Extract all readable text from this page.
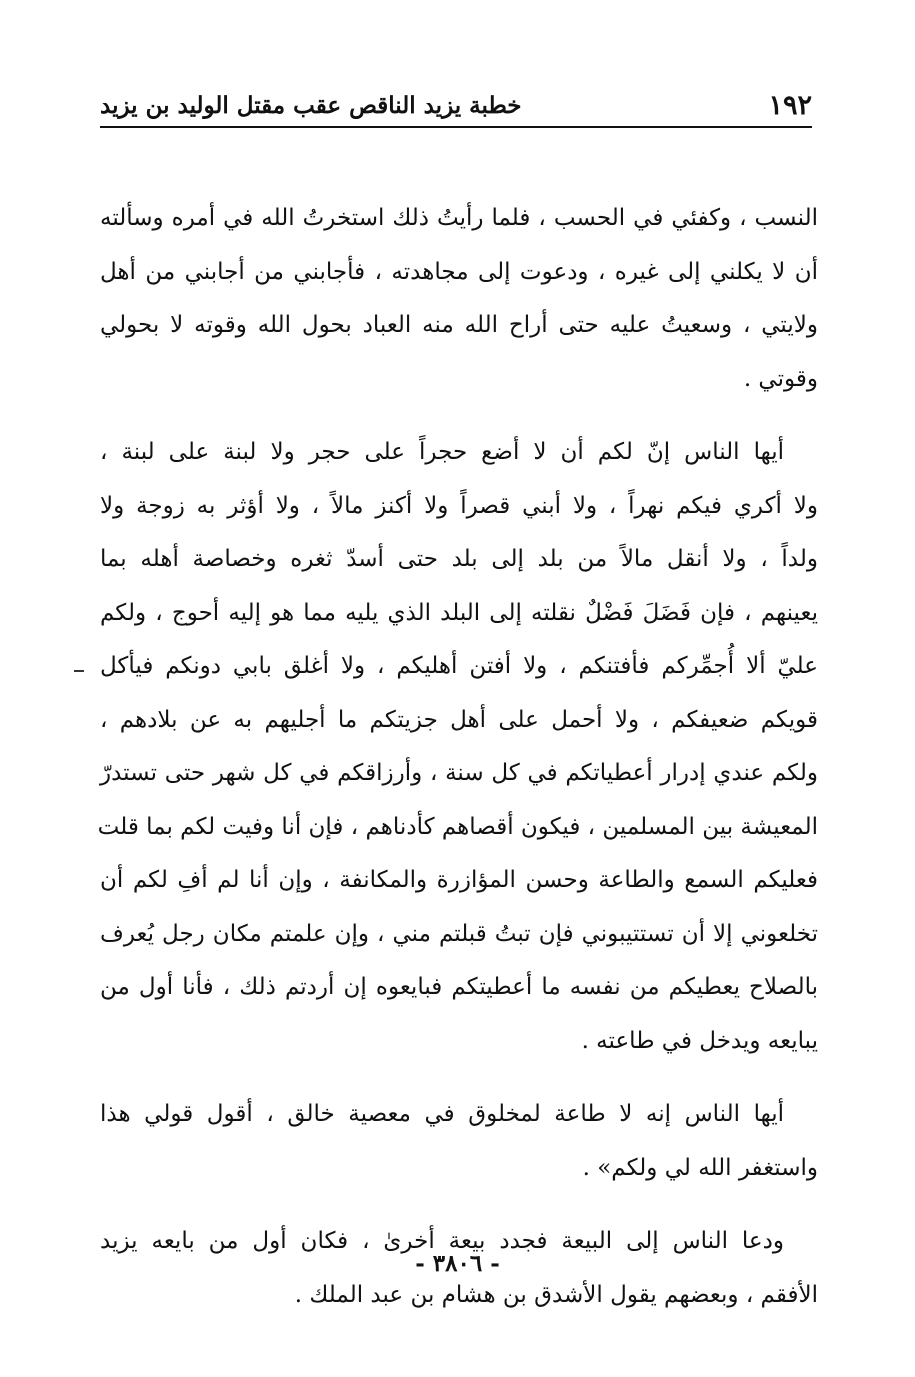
١٩٢
خطبة يزيد الناقص عقب مقتل الوليد بن يزيد
النسب ، وكفئي في الحسب ، فلما رأيتُ ذلك استخرتُ الله في أمره وسألته
أن لا يكلني إلى غيره ، ودعوت إلى مجاهدته ، فأجابني من أجابني من أهل
ولايتي ، وسعيتُ عليه حتى أراح الله منه العباد بحول الله وقوته لا بحولي
وقوتي .
أيها الناس إنّ لكم أن لا أضع حجراً على حجر ولا لبنة على لبنة ،
ولا أكري فيكم نهراً ، ولا أبني قصراً ولا أكنز مالاً ، ولا أؤثر به زوجة ولا
ولداً ، ولا أنقل مالاً من بلد إلى بلد حتى أسدّ ثغره وخصاصة أهله بما
يعينهم ، فإن فَضَلَ فَضْلٌ نقلته إلى البلد الذي يليه مما هو إليه أحوج ، ولكم
عليّ ألا أُجمِّركم فأفتنكم ، ولا أفتن أهليكم ، ولا أغلق بابي دونكم فيأكل
قويكم ضعيفكم ، ولا أحمل على أهل جزيتكم ما أجليهم به عن بلادهم ،
ولكم عندي إدرار أعطياتكم في كل سنة ، وأرزاقكم في كل شهر حتى تستدرّ
المعيشة بين المسلمين ، فيكون أقصاهم كأدناهم ، فإن أنا وفيت لكم بما قلت
فعليكم السمع والطاعة وحسن المؤازرة والمكانفة ، وإن أنا لم أفِ لكم أن
تخلعوني إلا أن تستتيبوني فإن تبتُ قبلتم مني ، وإن علمتم مكان رجل يُعرف
بالصلاح يعطيكم من نفسه ما أعطيتكم فبايعوه إن أردتم ذلك ، فأنا أول من
يبايعه ويدخل في طاعته .
أيها الناس إنه لا طاعة لمخلوق في معصية خالق ، أقول قولي هذا
واستغفر الله لي ولكم» .
ودعا الناس إلى البيعة فجدد بيعة أخرىٰ ، فكان أول من بايعه يزيد
الأفقم ، وبعضهم يقول الأشدق بن هشام بن عبد الملك .
- ٣٨٠٦ -
